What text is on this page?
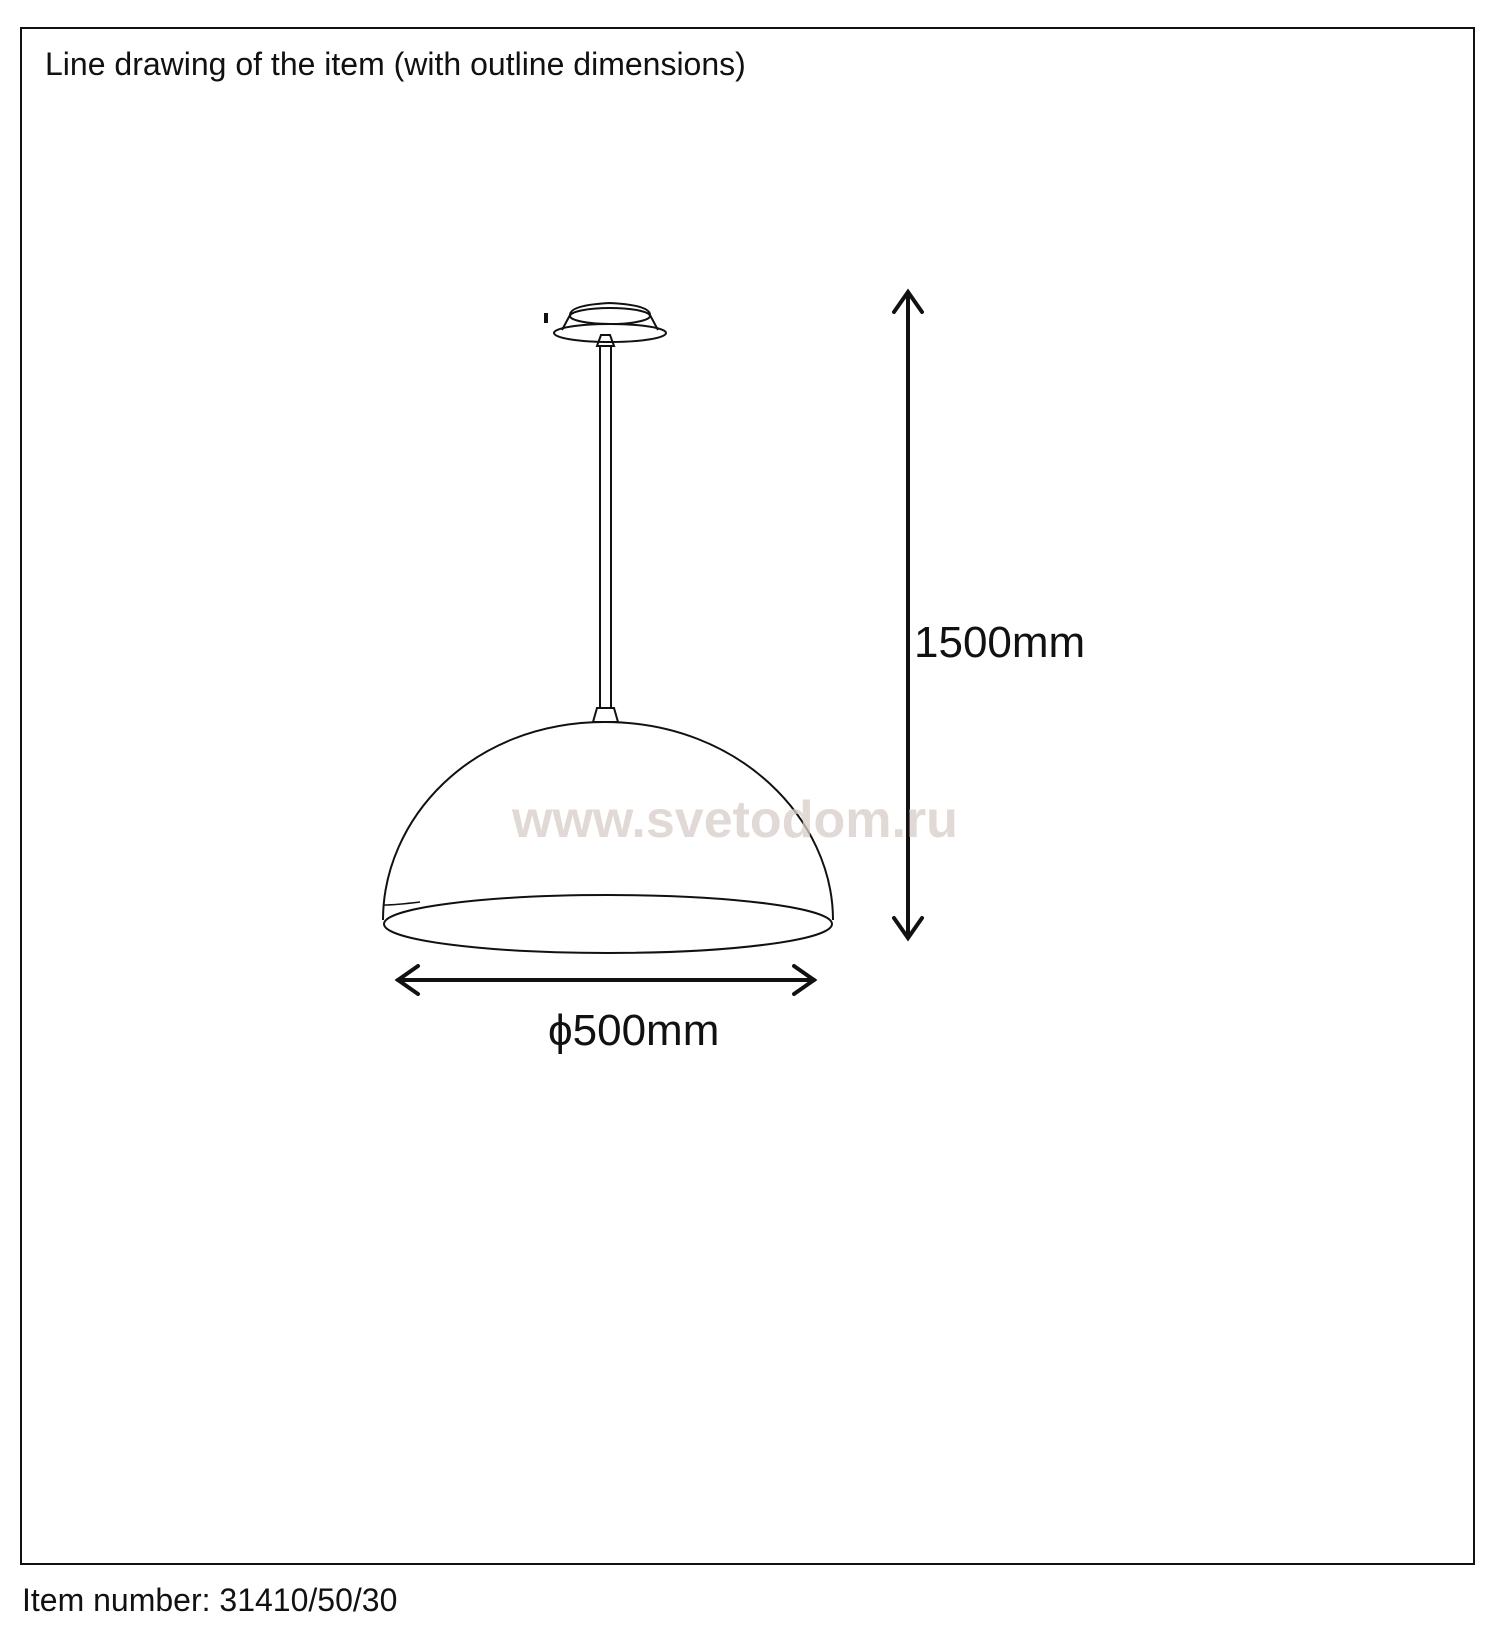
Line drawing of the item (with outline dimensions)
www.svetodom.ru
1500mm
ϕ500mm
Item number: 31410/50/30
